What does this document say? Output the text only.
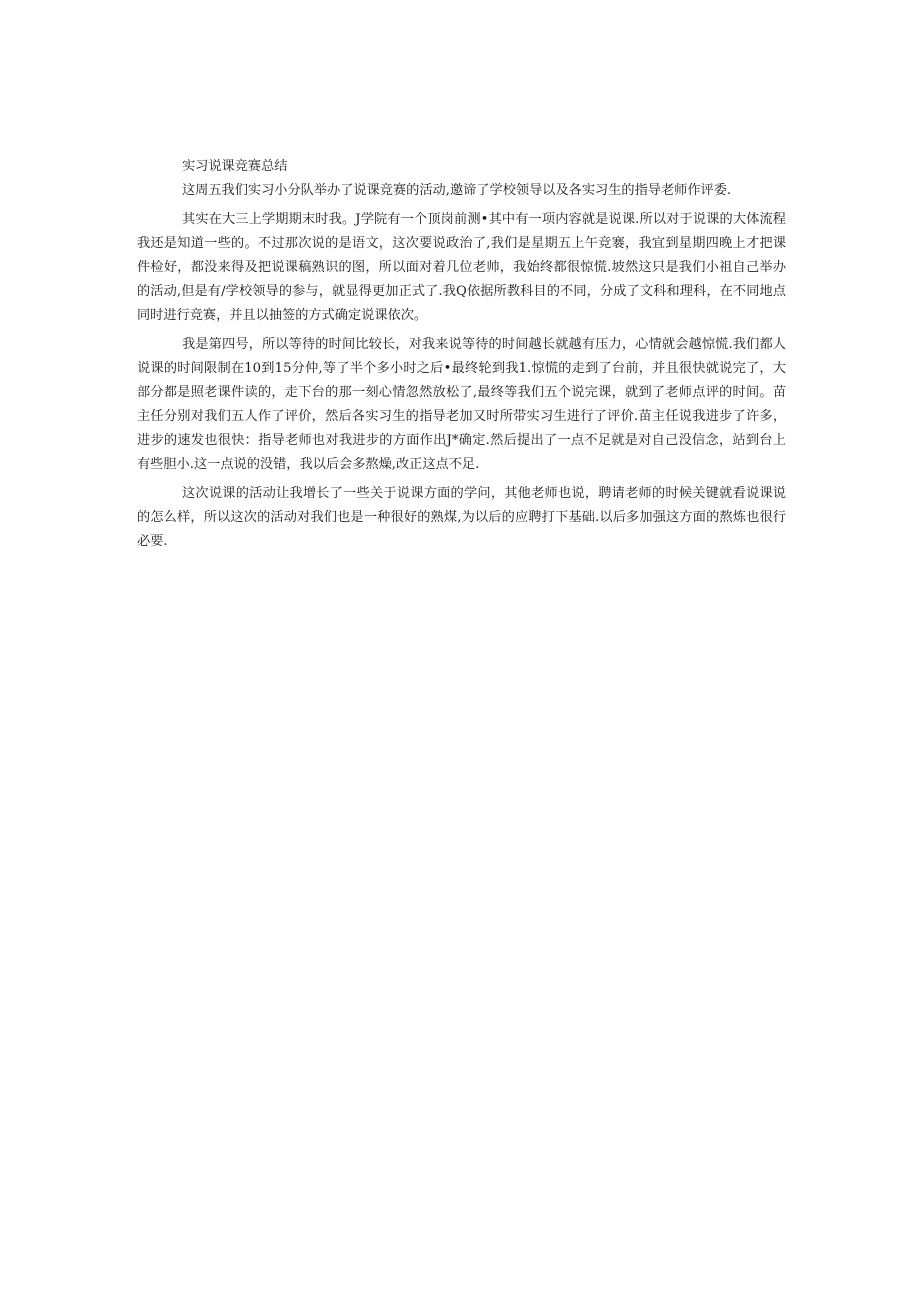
实习说课竞赛总结

这周五我们实习小分队举办了说课竞赛的活动,邀谛了学校领导以及各实习生的指导老师作评委.

其实在大三上学期期末时我。J学院有一个顶岗前测•其中有一项内容就是说课.所以对于说课的大体流程我还是知道一些的。不过那次说的是语文，这次要说政治了,我们是星期五上午竞褰，我宜到星期四晚上才把课件检好，都没来得及把说课稿熟识的图，所以面对着几位老帅，我始终都很惊慌.坡然这只是我们小祖自己举办的活动,但是有/学校领导的参与，就显得更加正式了.我Q依据所教科目的不同，分成了文科和理科，在不同地点同时进行竞赛，并且以抽签的方式确定说课依次。

我是第四号，所以等待的时间比较长，对我来说等待的时间越长就越有压力，心情就会越惊慌.我们都人说课的时间限制在10到15分仲,等了半个多小时之后•最终轮到我1.惊慌的走到了台前，并且很快就说完了，大部分都是照老课件读的，走下台的那一刻心情忽然放松了,最终等我们五个说完课，就到了老师点评的时间。苗主任分别对我们五人作了评价，然后各实习生的指导老加又时所带实习生进行了评价.苗主任说我进步了许多，进步的速发也很快：指导老师也对我进步的方面作出J*确定.然后提出了一点不足就是对自己没信念，站到台上有些胆小.这一点说的没错，我以后会多熬燥,改正这点不足.

这次说课的活动让我增长了一些关于说课方面的学问，其他老师也说，聘请老师的时候关键就看说课说的怎么样，所以这次的活动对我们也是一种很好的熟煤,为以后的应聘打下基础.以后多加强这方面的熬炼也很行必要.
